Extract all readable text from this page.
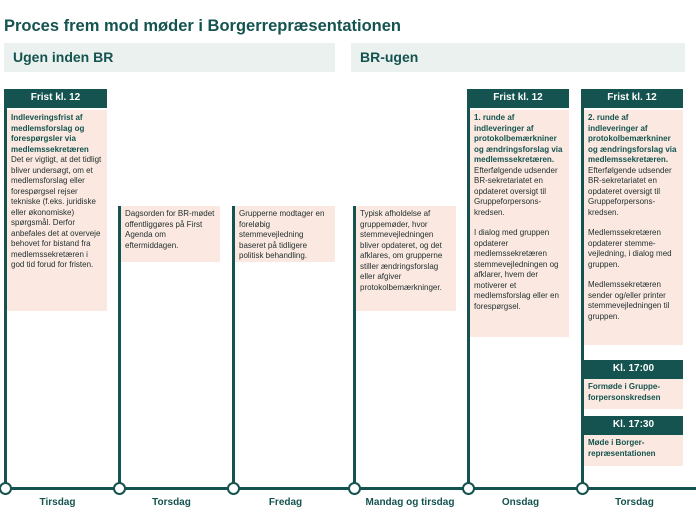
Proces frem mod møder i Borgerrepræsentationen
Ugen inden BR	BR-ugen
Tirsdag	Torsdag	Fredag	Mandag og tirsdag	Onsdag	Torsdag
Frist kl. 12	Frist kl. 12	Frist kl. 12
Indleveringsfrist af medlemsforslag og forespørgsler via medlemssekretæren
Det er vigtigt, at det tidligt bliver undersøgt, om et medlemsforslag eller forespørgsel rejser tekniske (f.eks. juridiske eller økonomiske) spørgsmål. Derfor anbefales det at overveje behovet for bistand fra medlemssekretæren i god tid forud for fristen.
Dagsorden for BR-mødet offentliggøres på First Agenda om eftermiddagen.
Grupperne modtager en foreløbig stemmevejledning baseret på tidligere politisk behandling.
Typisk afholdelse af gruppemøder, hvor stemmevejledningen bliver opdateret, og det afklares, om grupperne stiller ændringsforslag eller afgiver protokolbemærkninger.

1. runde af indleveringer af protokolbemærkniner og ændringsforslag via medlemssekretæren. Efterfølgende udsender BR-sekretariatet en opdateret oversigt til Gruppeforpersons-kredsen.

I dialog med gruppen opdaterer medlemssekretæren stemmevejledningen og afklarer, hvem der motiverer et medlemsforslag eller en forespørgsel.

2. runde af indleveringer af protokolbemærkniner og ændringsforslag via medlemssekretæren. Efterfølgende udsender BR-sekretariatet en opdateret oversigt til Gruppeforpersons-kredsen.

Medlemssekretæren opdaterer stemme-vejledning, i dialog med gruppen.

Medlemssekretæren sender og/eller printer stemmevejledningen til gruppen.

Kl. 17:00
Formøde i Gruppe-forpersonskredsen
Kl. 17:30
Møde i Borger-repræsentationen
